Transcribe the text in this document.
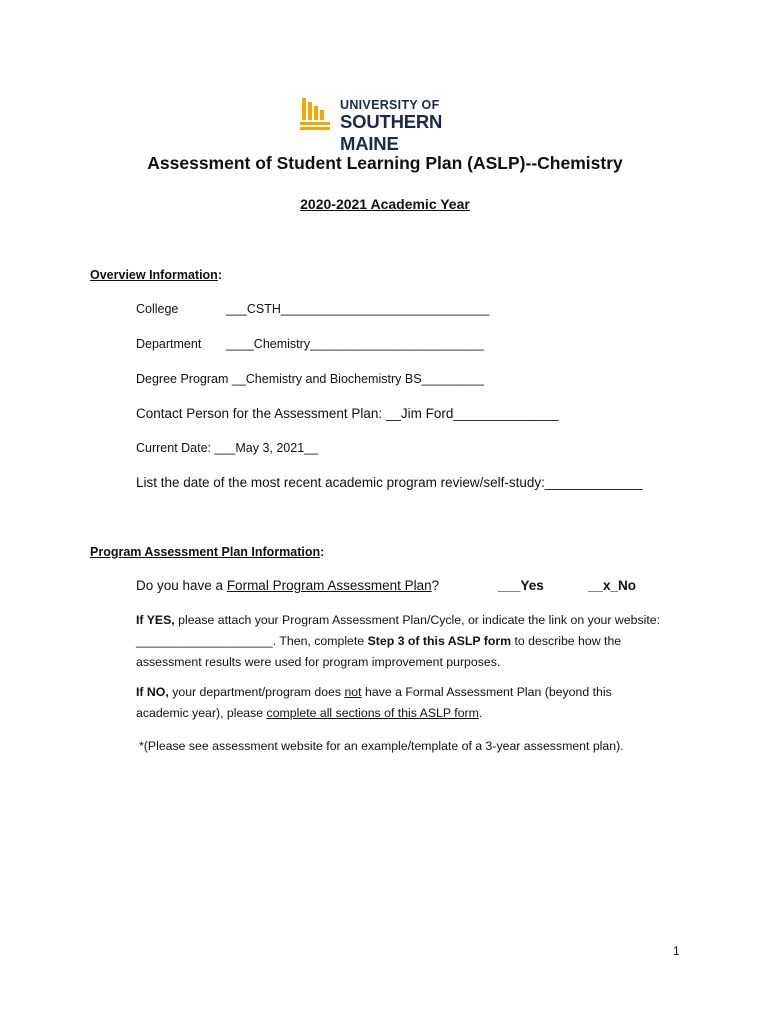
UNIVERSITY OF
SOUTHERN MAINE
Assessment of Student Learning Plan (ASLP)--Chemistry
2020-2021 Academic Year
Overview Information:
College	___CSTH______________________________
Department ____Chemistry_________________________
Degree Program __Chemistry and Biochemistry BS_________
Contact Person for the Assessment Plan: __Jim Ford______________
Current Date: ___May 3, 2021__
List the date of the most recent academic program review/self-study:_____________
Program Assessment Plan Information:
Do you have a Formal Program Assessment Plan?	___Yes	__x_No
If YES, please attach your Program Assessment Plan/Cycle, or indicate the link on your website:
____________________. Then, complete Step 3 of this ASLP form to describe how the
assessment results were used for program improvement purposes.
If NO, your department/program does not have a Formal Assessment Plan (beyond this
academic year), please complete all sections of this ASLP form.
*(Please see assessment website for an example/template of a 3-year assessment plan).
1
